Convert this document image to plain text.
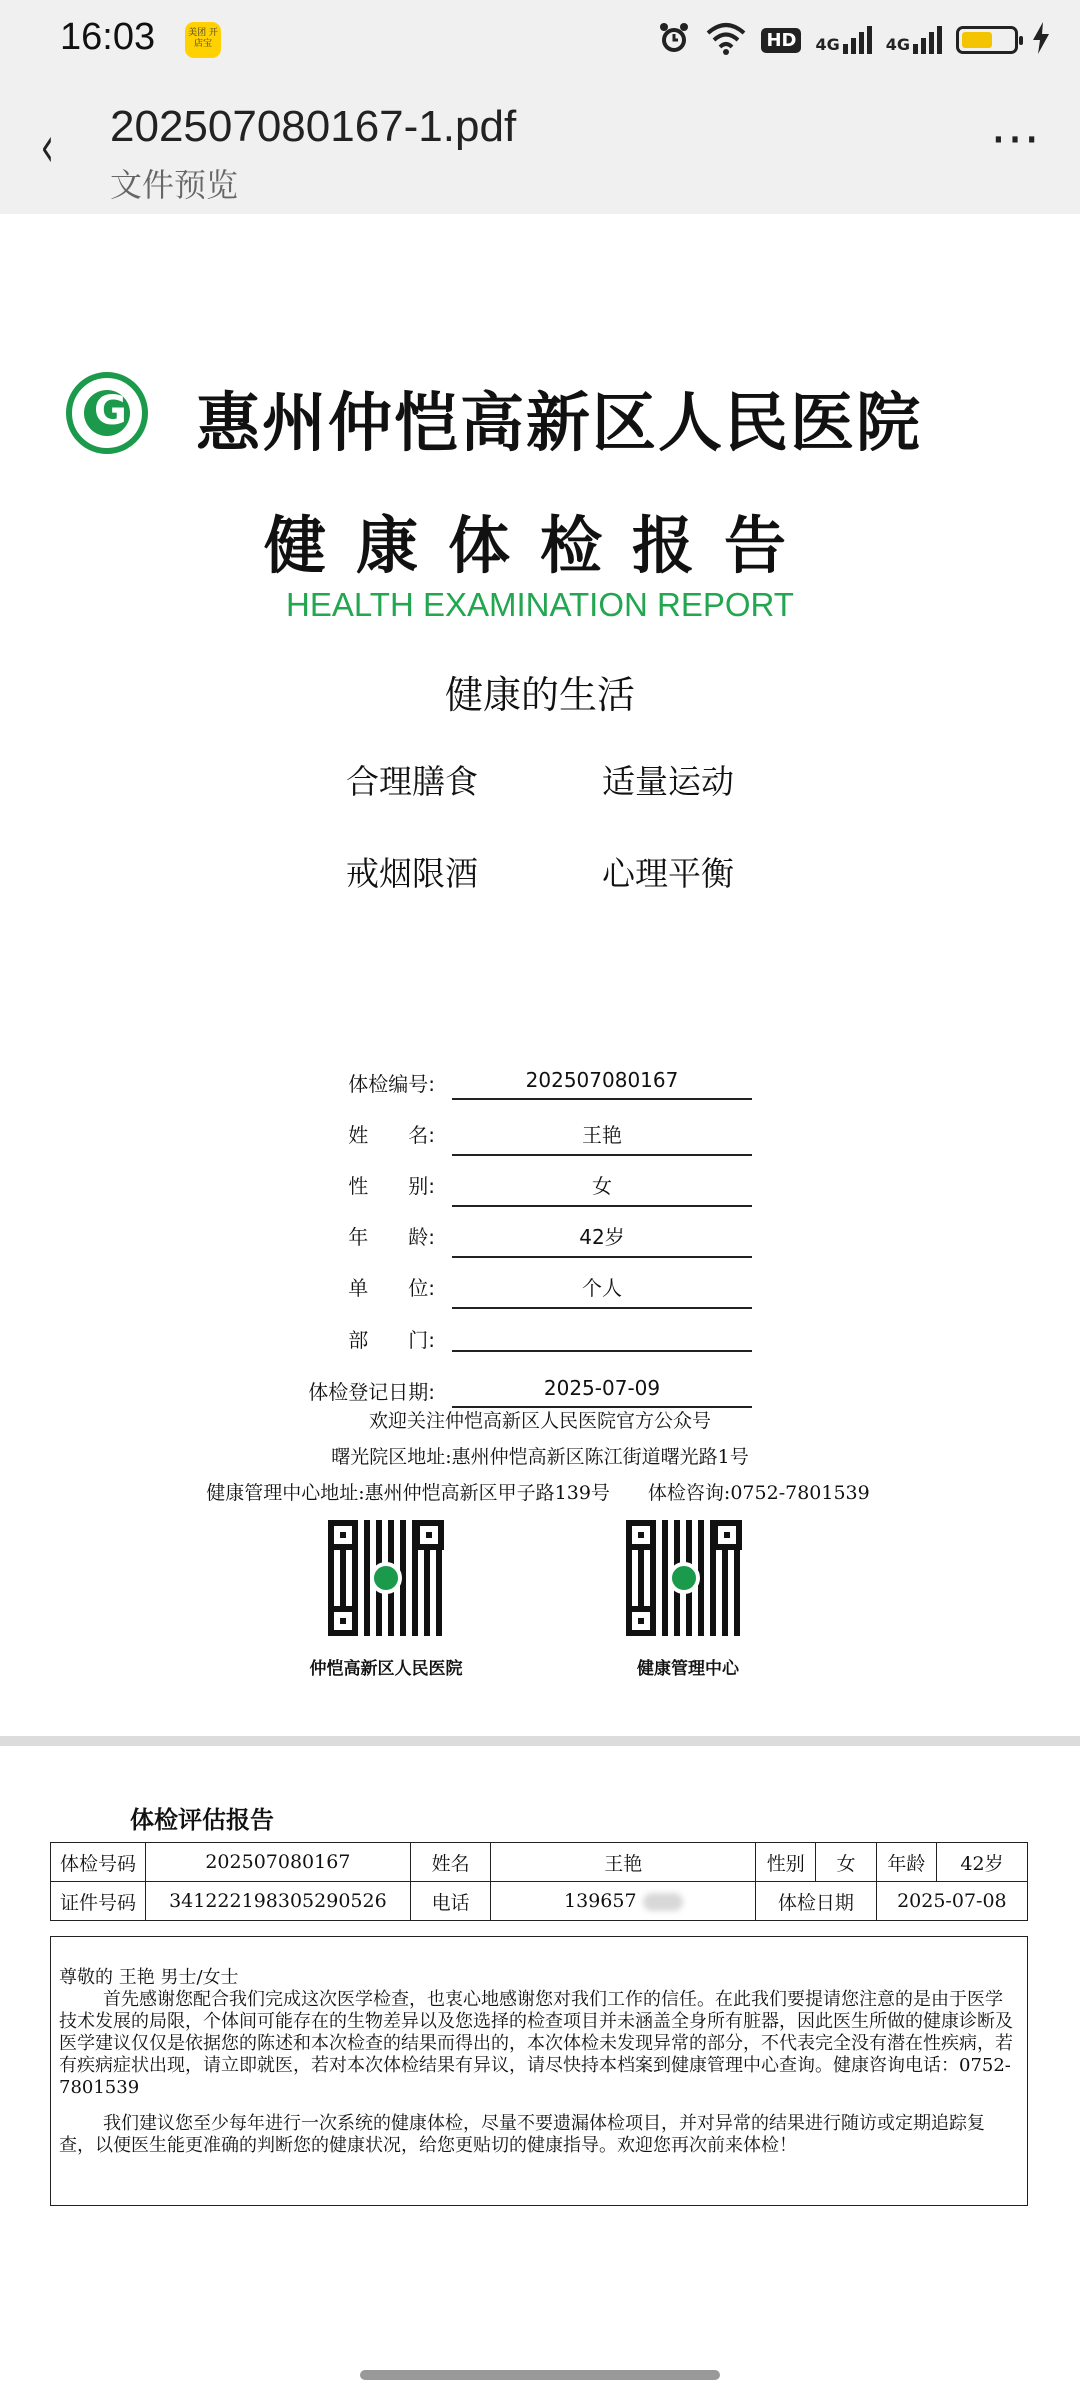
16:03	美团 开店宝	HD	4G	4G
‹ 202507080167-1.pdf
文件预览
⋯
G
惠州仲恺高新区人民医院
健康体检报告
HEALTH EXAMINATION REPORT
健康的生活
合理膳食	适量运动
戒烟限酒	心理平衡
体检编号:	202507080167
姓　　名:	王艳
性　　别:	女
年　　龄:	42岁
单　　位:	个人
部　　门:
体检登记日期:	2025-07-09
欢迎关注仲恺高新区人民医院官方公众号
曙光院区地址:惠州仲恺高新区陈江街道曙光路1号
健康管理中心地址:惠州仲恺高新区甲子路139号　　体检咨询:0752-7801539
仲恺高新区人民医院	健康管理中心
体检评估报告
体检号码	202507080167	姓名	王艳	性别	女	年龄	42岁
证件号码	341222198305290526	电话	139657	体检日期		2025-07-08	

尊敬的 王艳 男士/女士

首先感谢您配合我们完成这次医学检查，也衷心地感谢您对我们工作的信任。在此我们要提请您注意的是由于医学技术发展的局限，个体间可能存在的生物差异以及您选择的检查项目并未涵盖全身所有脏器，因此医生所做的健康诊断及医学建议仅仅是依据您的陈述和本次检查的结果而得出的，本次体检未发现异常的部分，不代表完全没有潜在性疾病，若有疾病症状出现，请立即就医，若对本次体检结果有异议，请尽快持本档案到健康管理中心查询。健康咨询电话：0752-7801539

我们建议您至少每年进行一次系统的健康体检，尽量不要遗漏体检项目，并对异常的结果进行随访或定期追踪复查，以便医生能更准确的判断您的健康状况，给您更贴切的健康指导。欢迎您再次前来体检！
